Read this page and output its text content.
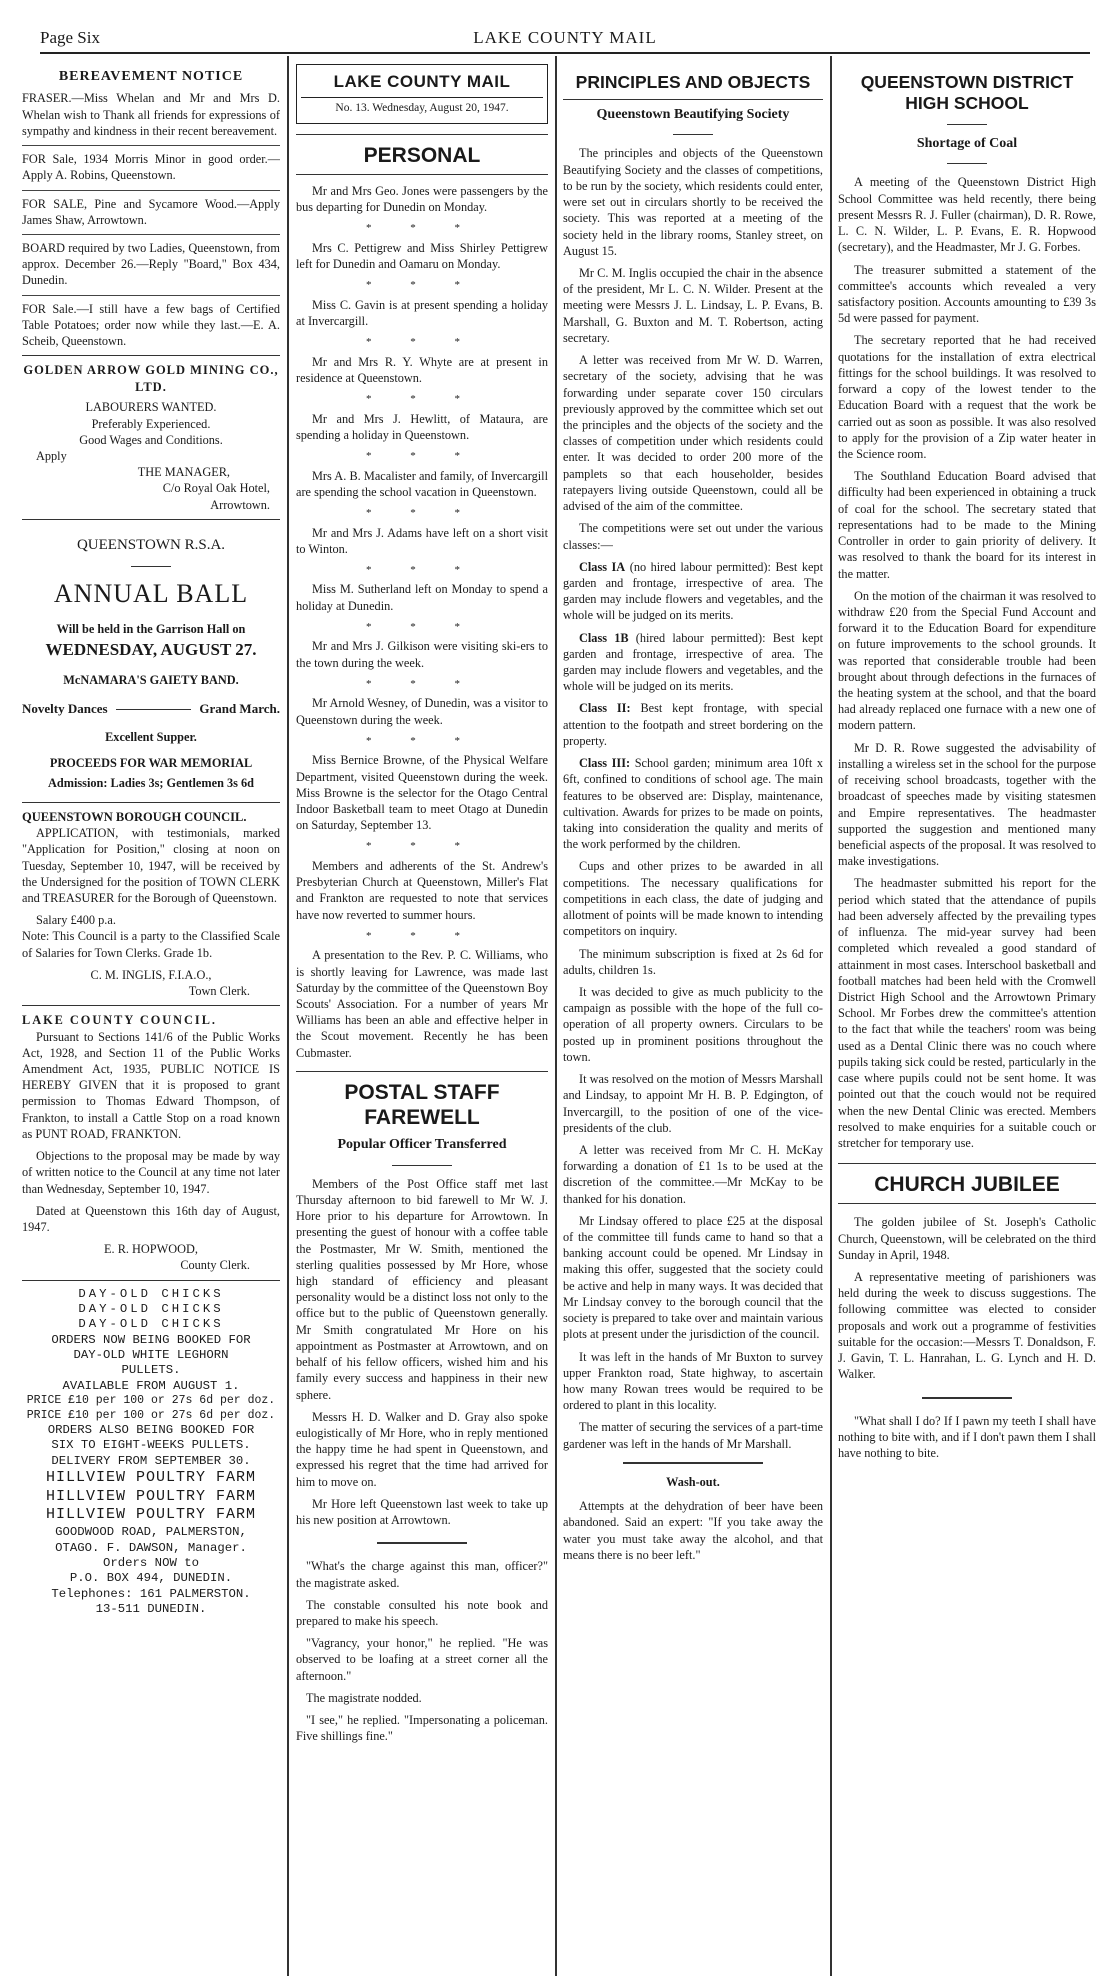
Page Six	LAKE COUNTY MAIL
BEREAVEMENT NOTICE

FRASER.—Miss Whelan and Mr and Mrs D. Whelan wish to Thank all friends for expressions of sympathy and kindness in their recent bereavement.

FOR Sale, 1934 Morris Minor in good order.—Apply A. Robins, Queenstown.

FOR SALE, Pine and Sycamore Wood.—Apply James Shaw, Arrowtown.

BOARD required by two Ladies, Queenstown, from approx. December 26.—Reply "Board," Box 434, Dunedin.

FOR Sale.—I still have a few bags of Certified Table Potatoes; order now while they last.—E. A. Scheib, Queenstown.

GOLDEN ARROW GOLD MINING CO., LTD.
LABOURERS WANTED.
Preferably Experienced.
Good Wages and Conditions.
Apply
THE MANAGER,
C/o Royal Oak Hotel,
Arrowtown.
QUEENSTOWN R.S.A.
ANNUAL BALL
Will be held in the Garrison Hall on
WEDNESDAY, AUGUST 27.
McNAMARA'S GAIETY BAND.
Novelty Dances	Grand March.
Excellent Supper.
PROCEEDS FOR WAR MEMORIAL
Admission: Ladies 3s; Gentlemen 3s 6d
QUEENSTOWN BOROUGH COUNCIL.

APPLICATION, with testimonials, marked "Application for Position," closing at noon on Tuesday, September 10, 1947, will be received by the Undersigned for the position of TOWN CLERK and TREASURER for the Borough of Queenstown.

Salary £400 p.a.

Note: This Council is a party to the Classified Scale of Salaries for Town Clerks. Grade 1b.

C. M. INGLIS, F.I.A.O.,
Town Clerk.
LAKE COUNTY COUNCIL.

Pursuant to Sections 141/6 of the Public Works Act, 1928, and Section 11 of the Public Works Amendment Act, 1935, PUBLIC NOTICE IS HEREBY GIVEN that it is proposed to grant permission to Thomas Edward Thompson, of Frankton, to install a Cattle Stop on a road known as PUNT ROAD, FRANKTON.

Objections to the proposal may be made by way of written notice to the Council at any time not later than Wednesday, September 10, 1947.

Dated at Queenstown this 16th day of August, 1947.

E. R. HOPWOOD,
County Clerk.
DAY-OLD CHICKS
DAY-OLD CHICKS
DAY-OLD CHICKS
ORDERS NOW BEING BOOKED FOR
DAY-OLD WHITE LEGHORN
PULLETS.
AVAILABLE FROM AUGUST 1.
PRICE £10 per 100 or 27s 6d per doz.
PRICE £10 per 100 or 27s 6d per doz.
ORDERS ALSO BEING BOOKED FOR
SIX TO EIGHT-WEEKS PULLETS.
DELIVERY FROM SEPTEMBER 30.
HILLVIEW POULTRY FARM
HILLVIEW POULTRY FARM
HILLVIEW POULTRY FARM
GOODWOOD ROAD, PALMERSTON,
OTAGO. F. DAWSON, Manager.
Orders NOW to
P.O. BOX 494, DUNEDIN.
Telephones: 161 PALMERSTON.
13-511 DUNEDIN.
LAKE COUNTY MAIL
No. 13. Wednesday, August 20, 1947.
PERSONAL

Mr and Mrs Geo. Jones were passengers by the bus departing for Dunedin on Monday.

* * *

Mrs C. Pettigrew and Miss Shirley Pettigrew left for Dunedin and Oamaru on Monday.

* * *

Miss C. Gavin is at present spending a holiday at Invercargill.

* * *

Mr and Mrs R. Y. Whyte are at present in residence at Queenstown.

* * *

Mr and Mrs J. Hewlitt, of Mataura, are spending a holiday in Queenstown.

* * *

Mrs A. B. Macalister and family, of Invercargill are spending the school vacation in Queenstown.

* * *

Mr and Mrs J. Adams have left on a short visit to Winton.

* * *

Miss M. Sutherland left on Monday to spend a holiday at Dunedin.

* * *

Mr and Mrs J. Gilkison were visiting ski-ers to the town during the week.

* * *

Mr Arnold Wesney, of Dunedin, was a visitor to Queenstown during the week.

* * *

Miss Bernice Browne, of the Physical Welfare Department, visited Queenstown during the week. Miss Browne is the selector for the Otago Central Indoor Basketball team to meet Otago at Dunedin on Saturday, September 13.

* * *

Members and adherents of the St. Andrew's Presbyterian Church at Queenstown, Miller's Flat and Frankton are requested to note that services have now reverted to summer hours.

* * *

A presentation to the Rev. P. C. Williams, who is shortly leaving for Lawrence, was made last Saturday by the committee of the Queenstown Boy Scouts' Association. For a number of years Mr Williams has been an able and effective helper in the Scout movement. Recently he has been Cubmaster.

POSTAL STAFF FAREWELL
Popular Officer Transferred

Members of the Post Office staff met last Thursday afternoon to bid farewell to Mr W. J. Hore prior to his departure for Arrowtown. In presenting the guest of honour with a coffee table the Postmaster, Mr W. Smith, mentioned the sterling qualities possessed by Mr Hore, whose high standard of efficiency and pleasant personality would be a distinct loss not only to the office but to the public of Queenstown generally. Mr Smith congratulated Mr Hore on his appointment as Postmaster at Arrowtown, and on behalf of his fellow officers, wished him and his family every success and happiness in their new sphere.

Messrs H. D. Walker and D. Gray also spoke eulogistically of Mr Hore, who in reply mentioned the happy time he had spent in Queenstown, and expressed his regret that the time had arrived for him to move on.

Mr Hore left Queenstown last week to take up his new position at Arrowtown.

"What's the charge against this man, officer?" the magistrate asked.

The constable consulted his note book and prepared to make his speech.

"Vagrancy, your honor," he replied. "He was observed to be loafing at a street corner all the afternoon."

The magistrate nodded.

"I see," he replied. "Impersonating a policeman. Five shillings fine."

PRINCIPLES AND OBJECTS
Queenstown Beautifying Society

The principles and objects of the Queenstown Beautifying Society and the classes of competitions, to be run by the society, which residents could enter, were set out in circulars shortly to be received the society. This was reported at a meeting of the society held in the library rooms, Stanley street, on August 15.

Mr C. M. Inglis occupied the chair in the absence of the president, Mr L. C. N. Wilder. Present at the meeting were Messrs J. L. Lindsay, L. P. Evans, B. Marshall, G. Buxton and M. T. Robertson, acting secretary.

A letter was received from Mr W. D. Warren, secretary of the society, advising that he was forwarding under separate cover 150 circulars previously approved by the committee which set out the principles and the objects of the society and the classes of competition under which residents could enter. It was decided to order 200 more of the pamplets so that each householder, besides ratepayers living outside Queenstown, could all be advised of the aim of the committee.

The competitions were set out under the various classes:—

Class IA (no hired labour permitted): Best kept garden and frontage, irrespective of area. The garden may include flowers and vegetables, and the whole will be judged on its merits.

Class 1B (hired labour permitted): Best kept garden and frontage, irrespective of area. The garden may include flowers and vegetables, and the whole will be judged on its merits.

Class II: Best kept frontage, with special attention to the footpath and street bordering on the property.

Class III: School garden; minimum area 10ft x 6ft, confined to conditions of school age. The main features to be observed are: Display, maintenance, cultivation. Awards for prizes to be made on points, taking into consideration the quality and merits of the work performed by the children.

Cups and other prizes to be awarded in all competitions. The necessary qualifications for competitions in each class, the date of judging and allotment of points will be made known to intending competitors on inquiry.

The minimum subscription is fixed at 2s 6d for adults, children 1s.

It was decided to give as much publicity to the campaign as possible with the hope of the full co-operation of all property owners. Circulars to be posted up in prominent positions throughout the town.

It was resolved on the motion of Messrs Marshall and Lindsay, to appoint Mr H. B. P. Edgington, of Invercargill, to the position of one of the vice-presidents of the club.

A letter was received from Mr C. H. McKay forwarding a donation of £1 1s to be used at the discretion of the committee.—Mr McKay to be thanked for his donation.

Mr Lindsay offered to place £25 at the disposal of the committee till funds came to hand so that a banking account could be opened. Mr Lindsay in making this offer, suggested that the society could be active and help in many ways. It was decided that Mr Lindsay convey to the borough council that the society is prepared to take over and maintain various plots at present under the jurisdiction of the council.

It was left in the hands of Mr Buxton to survey upper Frankton road, State highway, to ascertain how many Rowan trees would be required to be ordered to plant in this locality.

The matter of securing the services of a part-time gardener was left in the hands of Mr Marshall.

Wash-out.

Attempts at the dehydration of beer have been abandoned. Said an expert: "If you take away the water you must take away the alcohol, and that means there is no beer left."

QUEENSTOWN DISTRICT HIGH SCHOOL
Shortage of Coal

A meeting of the Queenstown District High School Committee was held recently, there being present Messrs R. J. Fuller (chairman), D. R. Rowe, L. C. N. Wilder, L. P. Evans, E. R. Hopwood (secretary), and the Headmaster, Mr J. G. Forbes.

The treasurer submitted a statement of the committee's accounts which revealed a very satisfactory position. Accounts amounting to £39 3s 5d were passed for payment.

The secretary reported that he had received quotations for the installation of extra electrical fittings for the school buildings. It was resolved to forward a copy of the lowest tender to the Education Board with a request that the work be carried out as soon as possible. It was also resolved to apply for the provision of a Zip water heater in the Science room.

The Southland Education Board advised that difficulty had been experienced in obtaining a truck of coal for the school. The secretary stated that representations had to be made to the Mining Controller in order to gain priority of delivery. It was resolved to thank the board for its interest in the matter.

On the motion of the chairman it was resolved to withdraw £20 from the Special Fund Account and forward it to the Education Board for expenditure on future improvements to the school grounds. It was reported that considerable trouble had been brought about through defections in the furnaces of the heating system at the school, and that the board had already replaced one furnace with a new one of modern pattern.

Mr D. R. Rowe suggested the advisability of installing a wireless set in the school for the purpose of receiving school broadcasts, together with the broadcast of speeches made by visiting statesmen and Empire representatives. The headmaster supported the suggestion and mentioned many beneficial aspects of the proposal. It was resolved to make investigations.

The headmaster submitted his report for the period which stated that the attendance of pupils had been adversely affected by the prevailing types of influenza. The mid-year survey had been completed which revealed a good standard of attainment in most cases. Interschool basketball and football matches had been held with the Cromwell District High School and the Arrowtown Primary School. Mr Forbes drew the committee's attention to the fact that while the teachers' room was being used as a Dental Clinic there was no couch where pupils taking sick could be rested, particularly in the case where pupils could not be sent home. It was pointed out that the couch would not be required when the new Dental Clinic was erected. Members resolved to make enquiries for a suitable couch or stretcher for temporary use.

CHURCH JUBILEE

The golden jubilee of St. Joseph's Catholic Church, Queenstown, will be celebrated on the third Sunday in April, 1948.

A representative meeting of parishioners was held during the week to discuss suggestions. The following committee was elected to consider proposals and work out a programme of festivities suitable for the occasion:—Messrs T. Donaldson, F. J. Gavin, T. L. Hanrahan, L. G. Lynch and H. D. Walker.

"What shall I do? If I pawn my teeth I shall have nothing to bite with, and if I don't pawn them I shall have nothing to bite.
